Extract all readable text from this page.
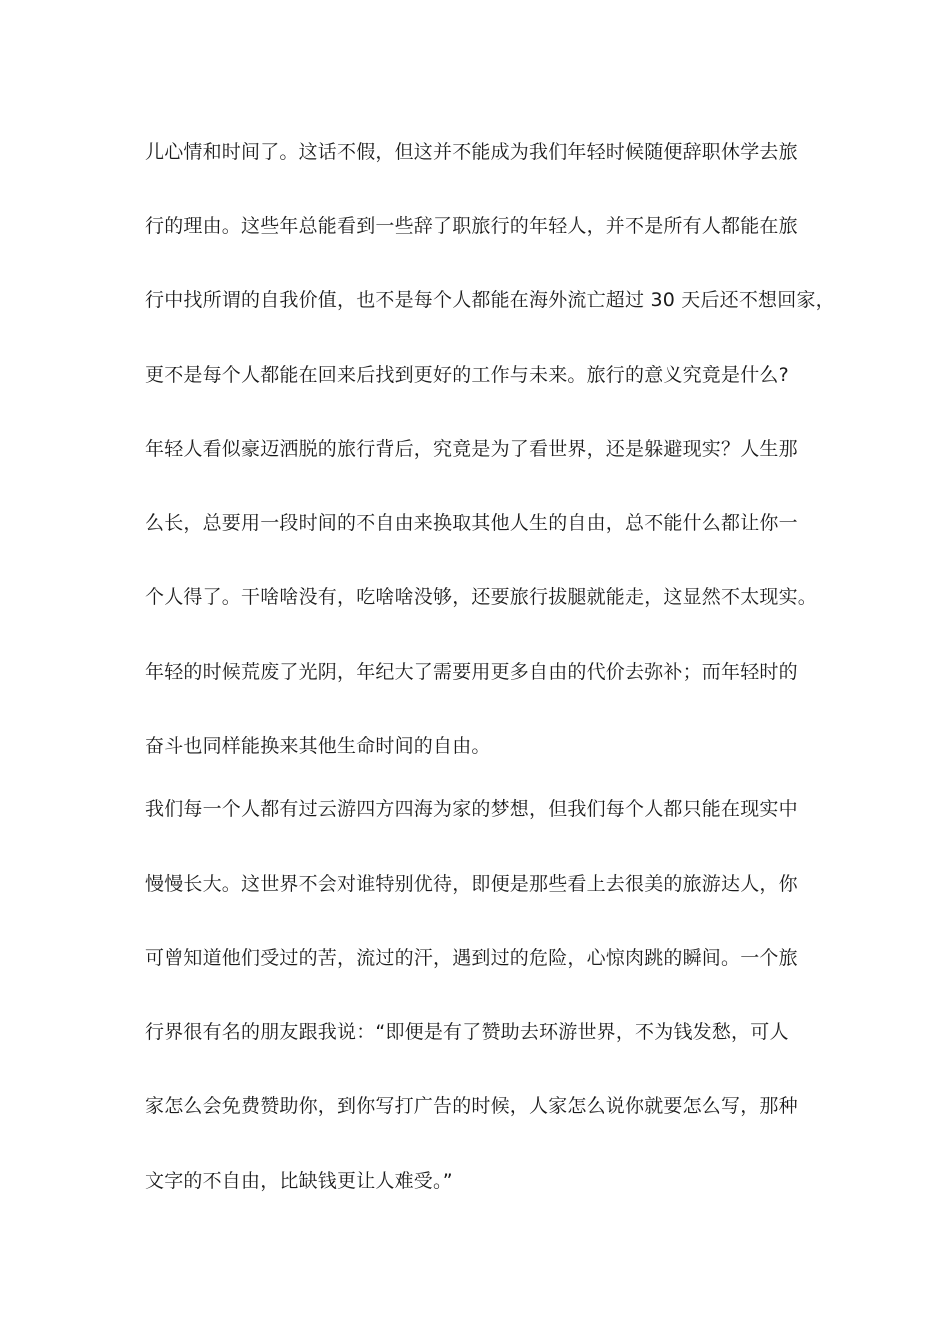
儿心情和时间了。这话不假，但这并不能成为我们年轻时候随便辞职休学去旅
行的理由。这些年总能看到一些辞了职旅行的年轻人，并不是所有人都能在旅
行中找所谓的自我价值，也不是每个人都能在海外流亡超过 30 天后还不想回家，
更不是每个人都能在回来后找到更好的工作与未来。旅行的意义究竟是什么?
年轻人看似豪迈洒脱的旅行背后，究竟是为了看世界，还是躲避现实？人生那
么长，总要用一段时间的不自由来换取其他人生的自由，总不能什么都让你一
个人得了。干啥啥没有，吃啥啥没够，还要旅行拔腿就能走，这显然不太现实。
年轻的时候荒废了光阴，年纪大了需要用更多自由的代价去弥补；而年轻时的
奋斗也同样能换来其他生命时间的自由。
我们每一个人都有过云游四方四海为家的梦想，但我们每个人都只能在现实中
慢慢长大。这世界不会对谁特别优待，即便是那些看上去很美的旅游达人，你
可曾知道他们受过的苦，流过的汗，遇到过的危险，心惊肉跳的瞬间。一个旅
行界很有名的朋友跟我说：“即便是有了赞助去环游世界，不为钱发愁，可人
家怎么会免费赞助你，到你写打广告的时候，人家怎么说你就要怎么写，那种
文字的不自由，比缺钱更让人难受。”
